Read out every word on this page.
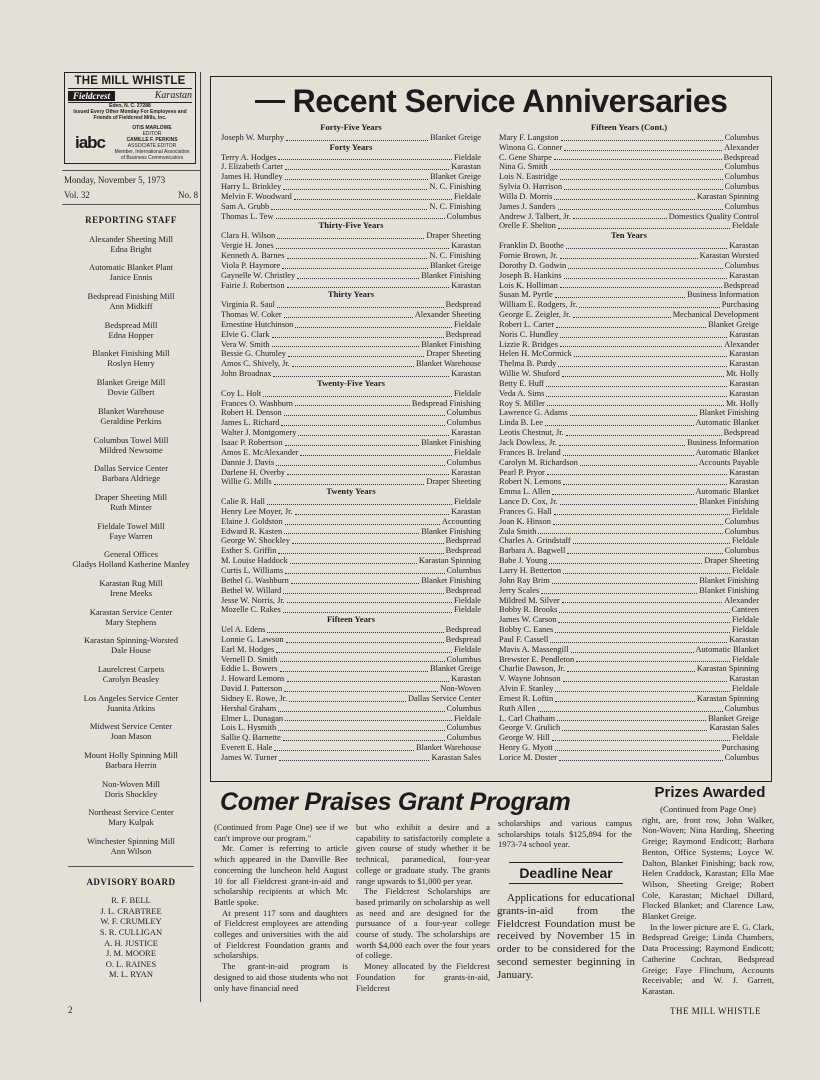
THE MILL WHISTLE
Fieldcrest	Karastan
Eden, N. C. 27288
Issued Every Other Monday For Employees and Friends of Fieldcrest Mills, Inc.
iabc
OTIS MARLOWE
EDITOR
CAMILLE F. PERKINS
ASSOCIATE EDITOR
Member, International Association of Business Communicators
Monday, November 5, 1973
Vol. 32	No. 8
REPORTING STAFF
Alexander Sheeting Mill
Edna Bright
Automatic Blanket Plant
Janice Ennis
Bedspread Finishing Mill
Ann Midkiff
Bedspread Mill
Edna Hopper
Blanket Finishing Mill
Roslyn Henry
Blanket Greige Mill
Dovie Gilbert
Blanket Warehouse
Geraldine Perkins
Columbus Towel Mill
Mildred Newsome
Dallas Service Center
Barbara Aldriege
Draper Sheeting Mill
Ruth Minter
Fieldale Towel Mill
Faye Warren
General Offices
Gladys Holland Katherine Manley
Karastan Rug Mill
Irene Meeks
Karastan Service Center
Mary Stephens
Karastan Spinning-Worsted
Dale House
Laurelcrest Carpets
Carolyn Beasley
Los Angeles Service Center
Juanita Atkins
Midwest Service Center
Joan Mason
Mount Holly Spinning Mill
Barbara Herrin
Non-Woven Mill
Doris Shockley
Northeast Service Center
Mary Kulpak
Winchester Spinning Mill
Ann Wilson
ADVISORY BOARD
R. F. BELL
J. L. CRABTREE
W. F. CRUMLEY
S. R. CULLIGAN
A. H. JUSTICE
J. M. MOORE
O. L. RAINES
M. L. RYAN
Recent Service Anniversaries
Forty-Five Years
Joseph W. Murphy	Blanket Greige
Forty Years
Terry A. Hodges	Fieldale
J. Elizabeth Carter	Karastan
James H. Hundley	Blanket Greige
Harry L. Brinkley	N. C. Finishing
Melvin F. Woodward	Fieldale
Sam A. Grubb	N. C. Finishing
Thomas L. Tew	Columbus
Thirty-Five Years
Clara H. Wilson	Draper Sheeting
Vergie H. Jones	Karastan
Kenneth A. Barnes	N. C. Finishing
Viola P. Haymore	Blanket Greige
Gaynelle W. Christley	Blanket Finishing
Fairie J. Robertson	Karastan
Thirty Years
Virginia R. Saul	Bedspread
Thomas W. Coker	Alexander Sheeting
Ernestine Hutchinson	Fieldale
Elvie G. Clark	Bedspread
Vera W. Smith	Blanket Finishing
Bessie G. Chumley	Draper Sheeting
Amos C. Shively, Jr.	Blanket Warehouse
John Broadnax	Karastan
Twenty-Five Years
Coy L. Holt	Fieldale
Frances O. Washburn	Bedspread Finishing
Robert H. Denson	Columbus
James L. Richard	Columbus
Walter J. Montgomery	Karastan
Isaac P. Robertson	Blanket Finishing
Amos E. McAlexander	Fieldale
Dannie J. Davis	Columbus
Darlene H. Overby	Karastan
Willie G. Mills	Draper Sheeting
Twenty Years
Calie R. Hall	Fieldale
Henry Lee Moyer, Jr.	Karastan
Elaine J. Goldston	Accounting
Edward R. Kasten	Blanket Finishing
George W. Shockley	Bedspread
Esther S. Griffin	Bedspread
M. Louise Haddock	Karastan Spinning
Curtis L. Williams	Columbus
Bethel G. Washburn	Blanket Finishing
Bethel W. Willard	Bedspread
Jesse W. Norris, Jr.	Fieldale
Mozelle C. Rakes	Fieldale
Fifteen Years
Uel A. Edens	Bedspread
Lonnie G. Lawson	Bedspread
Earl M. Hodges	Fieldale
Vernell D. Smith	Columbus
Eddie L. Bowers	Blanket Greige
J. Howard Lemons	Karastan
David J. Patterson	Non-Woven
Sidney E. Rowe, Jr.	Dallas Service Center
Hershal Graham	Columbus
Elmer L. Dunagan	Fieldale
Lois L. Hysmith	Columbus
Sallie Q. Barnette	Columbus
Everett E. Hale	Blanket Warehouse
James W. Turner	Karastan Sales
Fifteen Years (Cont.)
Mary F. Langston	Columbus
Winona G. Conner	Alexander
C. Gene Sharpe	Bedspread
Nina G. Smith	Columbus
Lois N. Eastridge	Columbus
Sylvia O. Harrison	Columbus
Willa D. Morris	Karastan Spinning
James J. Sanders	Columbus
Andrew J. Talbert, Jr.	Domestics Quality Control
Orelle F. Shelton	Fieldale
Ten Years
Franklin D. Boothe	Karastan
Fornie Brown, Jr.	Karastan Worsted
Dorothy D. Godwin	Columbus
Joseph B. Hankins	Karastan
Lois K. Holliman	Bedspread
Susan M. Pyrtle	Business Information
William E. Rodgers, Jr.	Purchasing
George E. Zeigler, Jr.	Mechanical Development
Robert L. Carter	Blanket Greige
Noris C. Hundley	Karastan
Lizzie R. Bridges	Alexander
Helen H. McCormick	Karastan
Thelma B. Purdy	Karastan
Willie W. Shuford	Mt. Holly
Betty E. Huff	Karastan
Veda A. Sims	Karastan
Roy S. Miller	Mt. Holly
Lawrence G. Adams	Blanket Finishing
Linda B. Lee	Automatic Blanket
Leotis Chestnut, Jr.	Bedspread
Jack Dowless, Jr.	Business Information
Frances B. Ireland	Automatic Blanket
Carolyn M. Richardson	Accounts Payable
Pearl P. Pryor	Karastan
Robert N. Lemons	Karastan
Emma L. Allen	Automatic Blanket
Lance D. Cox, Jr.	Blanket Finishing
Frances G. Hall	Fieldale
Joan K. Hinson	Columbus
Zula Smith	Columbus
Charles A. Grindstaff	Fieldale
Barbara A. Bagwell	Columbus
Babe J. Young	Draper Sheeting
Larry H. Betterton	Fieldale
John Ray Brim	Blanket Finishing
Jerry Scales	Blanket Finishing
Mildred M. Silver	Alexander
Bobby R. Brooks	Canteen
James W. Carson	Fieldale
Bobby C. Eanes	Fieldale
Paul F. Cassell	Karastan
Mavis A. Massengill	Automatic Blanket
Brewster E. Pendleton	Fieldale
Charlie Dawson, Jr.	Karastan Spinning
V. Wayne Johnson	Karastan
Alvin F. Stanley	Fieldale
Ernest R. Loftin	Karastan Spinning
Ruth Allen	Columbus
L. Carl Chatham	Blanket Greige
George V. Grulich	Karastan Sales
George W. Hill	Fieldale
Henry G. Myott	Purchasing
Lorice M. Doster	Columbus
Comer Praises Grant Program

(Continued from Page One) see if we can't improve our program."

Mr. Comer is referring to article which appeared in the Danville Bee concerning the luncheon held August 10 for all Fieldcrest grant-in-aid and scholarship recipients at which Mr. Battle spoke.

At present 117 sons and daughters of Fieldcrest employees are attending colleges and universities with the aid of Fieldcrest Foundation grants and scholarships.

The grant-in-aid program is designed to aid those students who not only have financial need

but who exhibit a desire and a capability to satisfactorily complete a given course of study whether it be technical, paramedical, four-year college or graduate study. The grants range upwards to $1,000 per year.

The Fieldcrest Scholarships are based primarily on scholarship as well as need and are designed for the pursuance of a four-year college course of study. The scholarships are worth $4,000 each over the four years of college.

Money allocated by the Fieldcrest Foundation for grants-in-aid, Fieldcrest

scholarships and various campus scholarships totals $125,894 for the 1973-74 school year.

Deadline Near
Applications for educational grants-in-aid from the Fieldcrest Foundation must be received by November 15 in order to be considered for the second semester beginning in January.
Prizes Awarded

(Continued from Page One)

right, are, front row, John Walker, Non-Woven; Nina Harding, Sheeting Greige; Raymond Endicott; Barbara Benton, Office Systems; Loyce W. Dalton, Blanket Finishing; back row, Helen Craddock, Karastan; Ella Mae Wilson, Sheeting Greige; Robert Cole, Karastan; Michael Dillard, Flocked Blanket; and Clarence Law, Blanket Greige.

In the lower picture are E. G. Clark, Bedspread Greige; Linda Chambers, Data Processing; Raymond Endicott; Catherine Cochran, Bedspread Greige; Faye Flinchum, Accounts Receivable; and W. J. Garrett, Karastan.

2	THE MILL WHISTLE
